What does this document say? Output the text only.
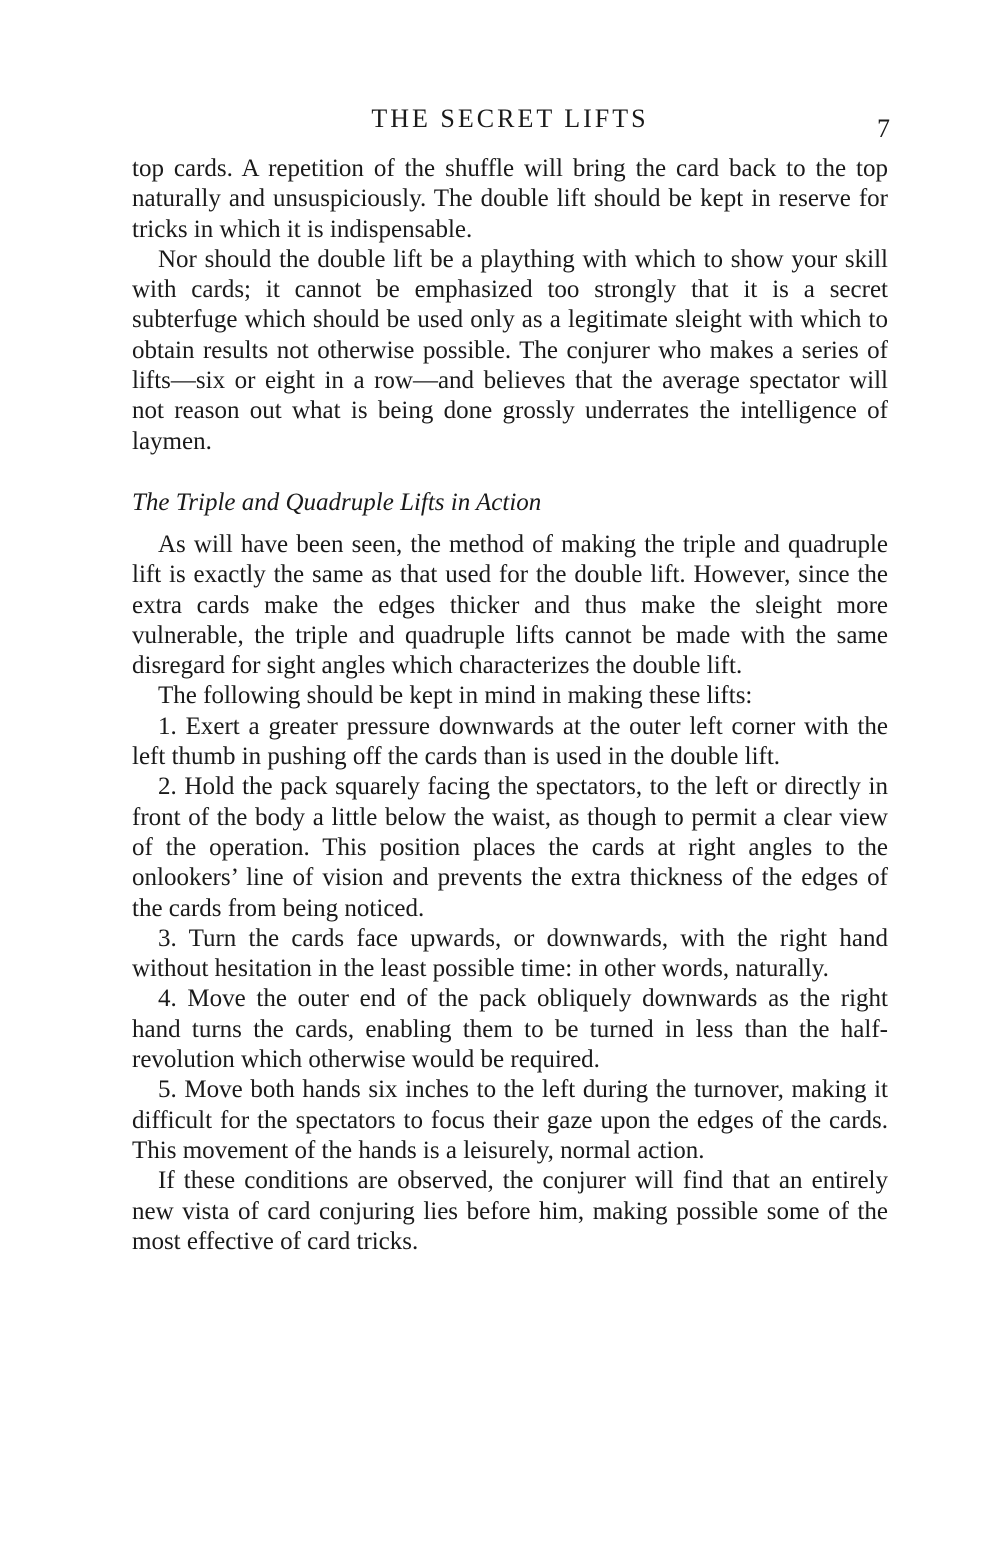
THE SECRET LIFTS	7

top cards. A repetition of the shuffle will bring the card back to the top naturally and unsuspiciously. The double lift should be kept in reserve for tricks in which it is indispensable.

Nor should the double lift be a plaything with which to show your skill with cards; it cannot be emphasized too strongly that it is a secret subterfuge which should be used only as a legitimate sleight with which to obtain results not otherwise possible. The conjurer who makes a series of lifts—six or eight in a row—and believes that the average spectator will not reason out what is being done grossly underrates the intelligence of laymen.

The Triple and Quadruple Lifts in Action

As will have been seen, the method of making the triple and quadruple lift is exactly the same as that used for the double lift. However, since the extra cards make the edges thicker and thus make the sleight more vulnerable, the triple and quadruple lifts cannot be made with the same disregard for sight angles which characterizes the double lift.

The following should be kept in mind in making these lifts:

1. Exert a greater pressure downwards at the outer left corner with the left thumb in pushing off the cards than is used in the double lift.

2. Hold the pack squarely facing the spectators, to the left or directly in front of the body a little below the waist, as though to permit a clear view of the operation. This position places the cards at right angles to the onlookers’ line of vision and prevents the extra thickness of the edges of the cards from being noticed.

3. Turn the cards face upwards, or downwards, with the right hand without hesitation in the least possible time: in other words, naturally.

4. Move the outer end of the pack obliquely downwards as the right hand turns the cards, enabling them to be turned in less than the half-revolution which otherwise would be required.

5. Move both hands six inches to the left during the turnover, making it difficult for the spectators to focus their gaze upon the edges of the cards. This movement of the hands is a leisurely, normal action.

If these conditions are observed, the conjurer will find that an entirely new vista of card conjuring lies before him, making possible some of the most effective of card tricks.
